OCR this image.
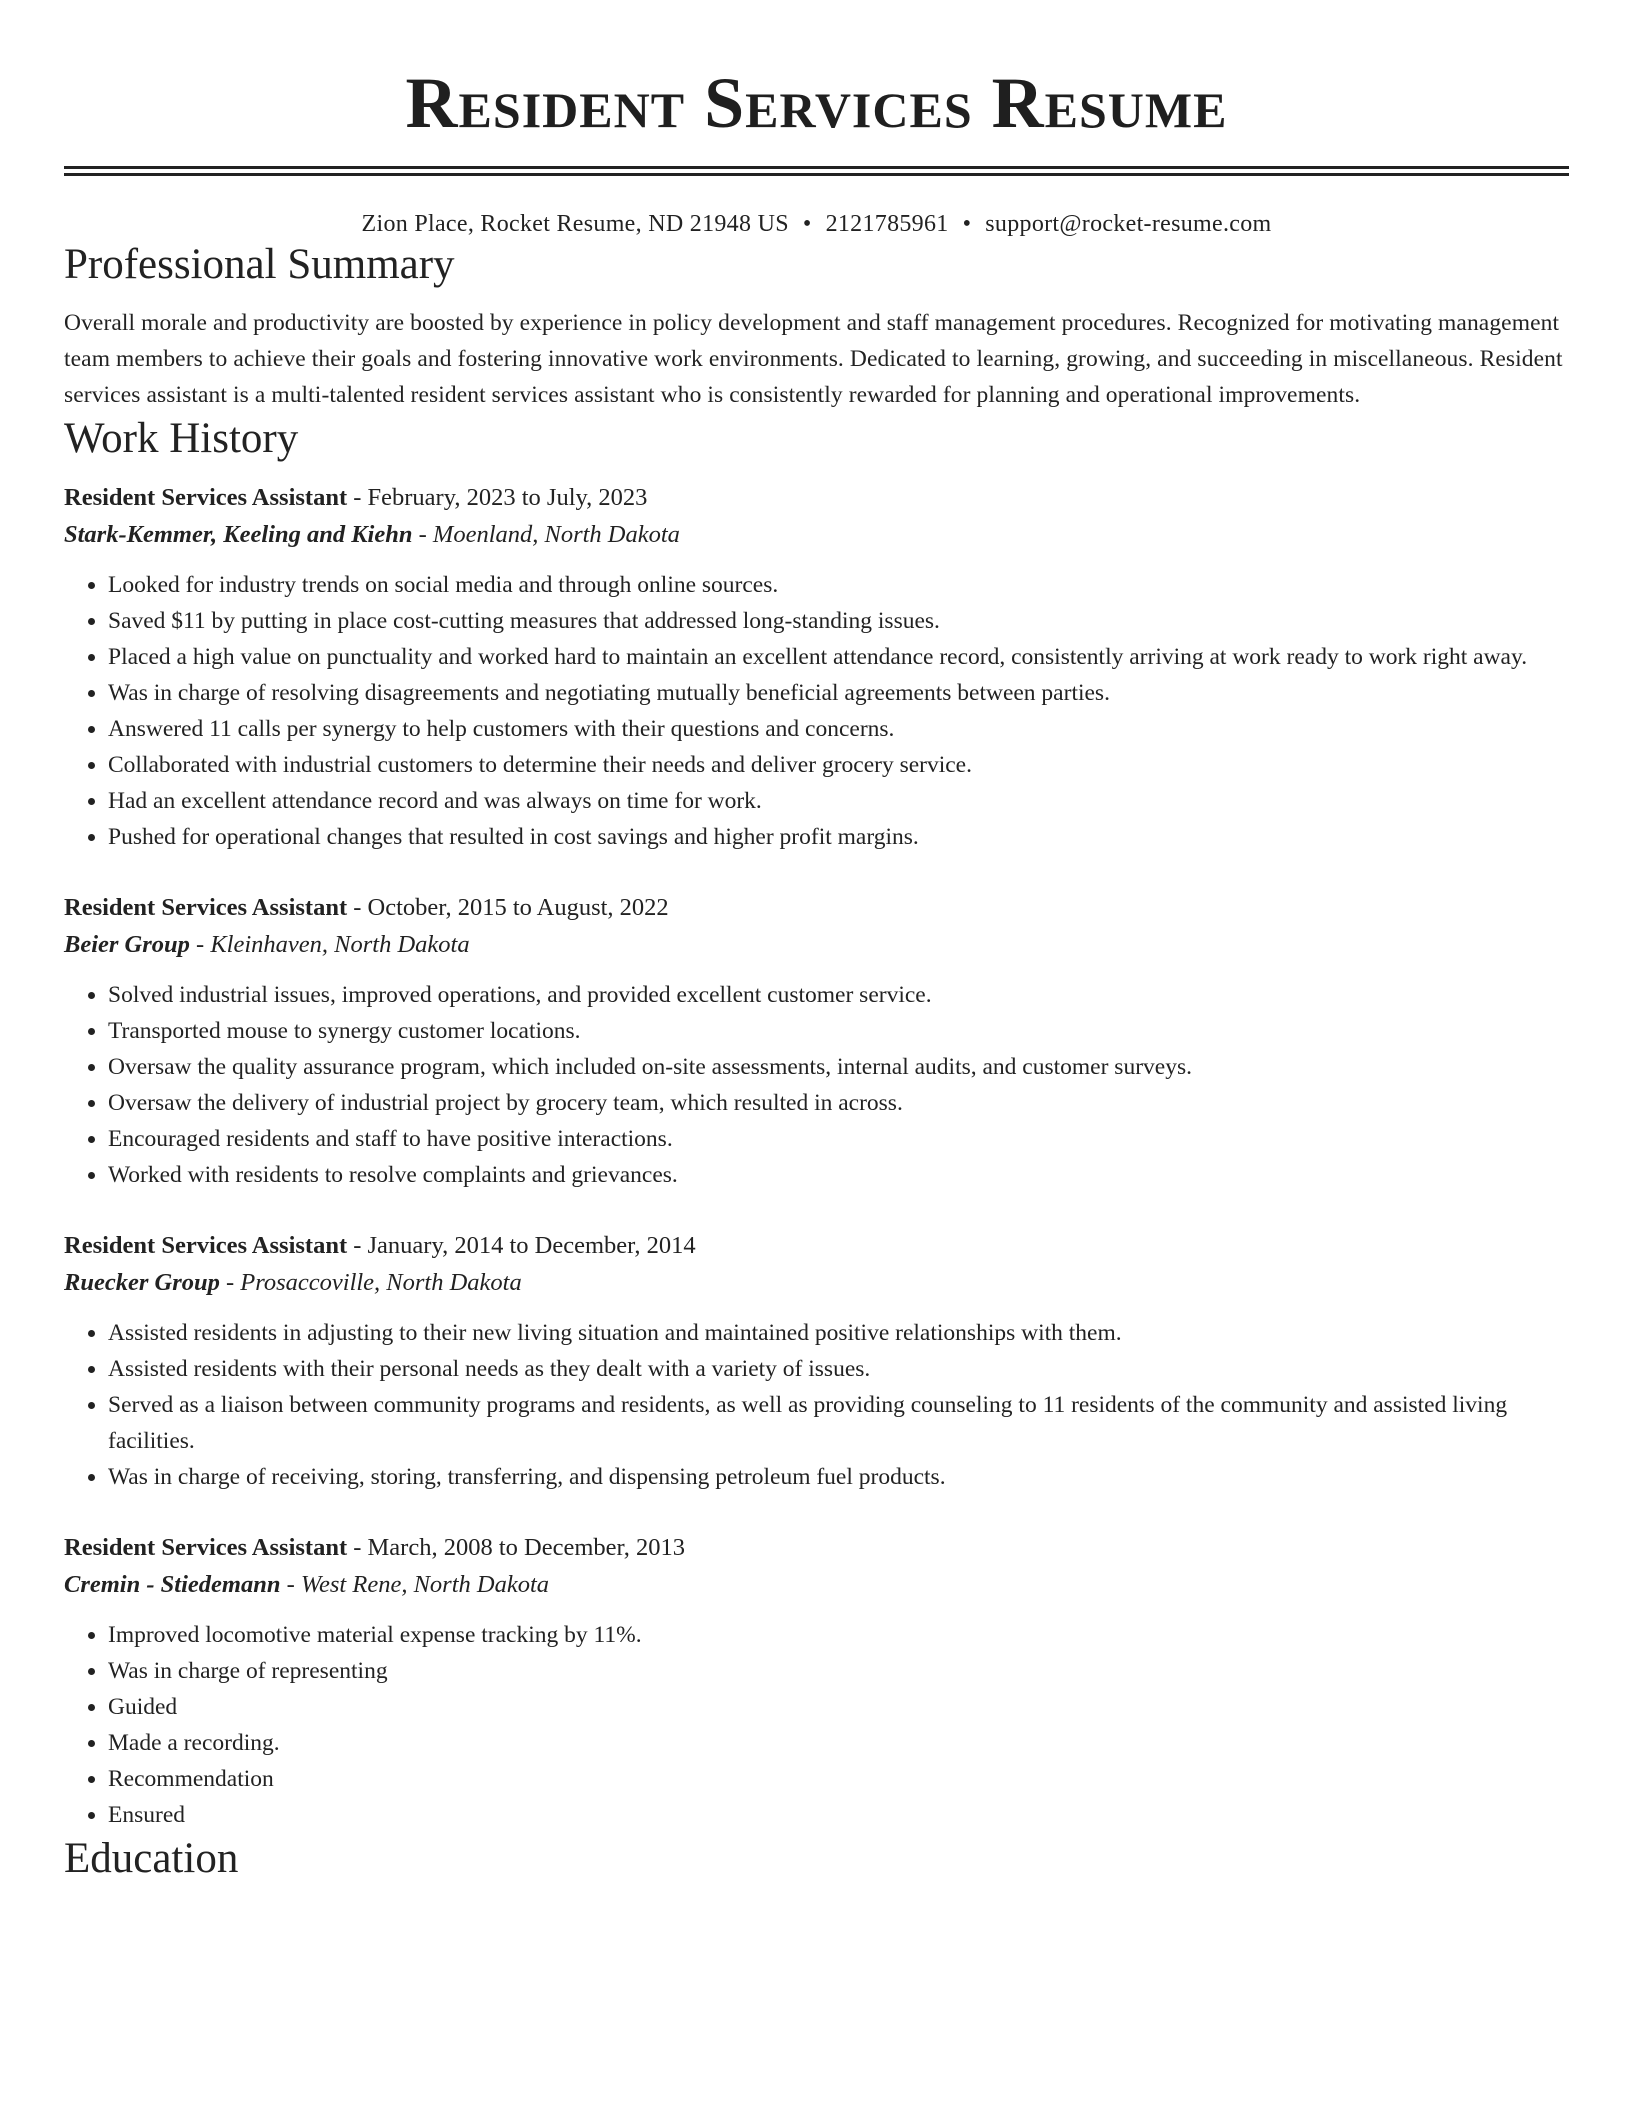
Resident Services Resume
Zion Place, Rocket Resume, ND 21948 US • 2121785961 • support@rocket-resume.com
Professional Summary

Overall morale and productivity are boosted by experience in policy development and staff management procedures. Recognized for motivating management team members to achieve their goals and fostering innovative work environments. Dedicated to learning, growing, and succeeding in miscellaneous. Resident services assistant is a multi-talented resident services assistant who is consistently rewarded for planning and operational improvements.

Work History
Resident Services Assistant - February, 2023 to July, 2023
Stark-Kemmer, Keeling and Kiehn - Moenland, North Dakota
• Looked for industry trends on social media and through online sources.
• Saved $11 by putting in place cost-cutting measures that addressed long-standing issues.
• Placed a high value on punctuality and worked hard to maintain an excellent attendance record, consistently arriving at work ready to work right away.
• Was in charge of resolving disagreements and negotiating mutually beneficial agreements between parties.
• Answered 11 calls per synergy to help customers with their questions and concerns.
• Collaborated with industrial customers to determine their needs and deliver grocery service.
• Had an excellent attendance record and was always on time for work.
• Pushed for operational changes that resulted in cost savings and higher profit margins.
Resident Services Assistant - October, 2015 to August, 2022
Beier Group - Kleinhaven, North Dakota
• Solved industrial issues, improved operations, and provided excellent customer service.
• Transported mouse to synergy customer locations.
• Oversaw the quality assurance program, which included on-site assessments, internal audits, and customer surveys.
• Oversaw the delivery of industrial project by grocery team, which resulted in across.
• Encouraged residents and staff to have positive interactions.
• Worked with residents to resolve complaints and grievances.
Resident Services Assistant - January, 2014 to December, 2014
Ruecker Group - Prosaccoville, North Dakota
• Assisted residents in adjusting to their new living situation and maintained positive relationships with them.
• Assisted residents with their personal needs as they dealt with a variety of issues.
• Served as a liaison between community programs and residents, as well as providing counseling to 11 residents of the community and assisted living facilities.
• Was in charge of receiving, storing, transferring, and dispensing petroleum fuel products.
Resident Services Assistant - March, 2008 to December, 2013
Cremin - Stiedemann - West Rene, North Dakota
• Improved locomotive material expense tracking by 11%.
• Was in charge of representing
• Guided
• Made a recording.
• Recommendation
• Ensured
Education
